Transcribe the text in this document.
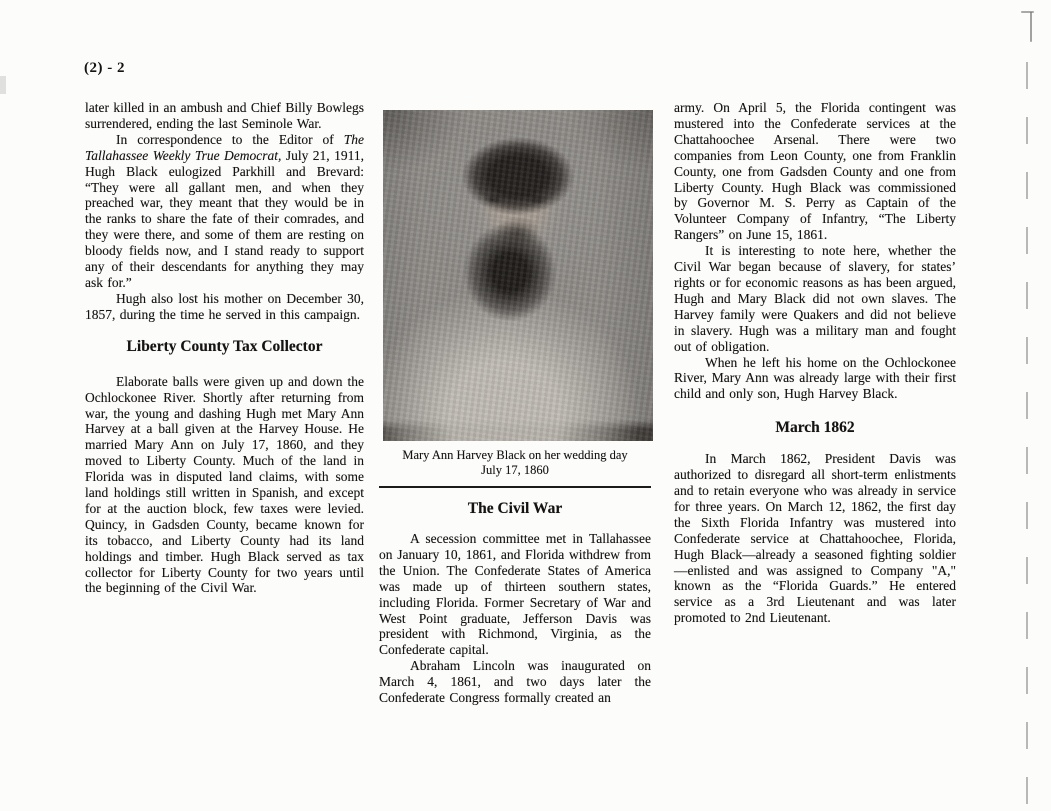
(2) - 2

later killed in an ambush and Chief Billy Bowlegs surrendered, ending the last Seminole War.

In correspondence to the Editor of The Tallahassee Weekly True Democrat, July 21, 1911, Hugh Black eulogized Parkhill and Brevard: “They were all gallant men, and when they preached war, they meant that they would be in the ranks to share the fate of their comrades, and they were there, and some of them are resting on bloody fields now, and I stand ready to support any of their descendants for anything they may ask for.”

Hugh also lost his mother on December 30, 1857, during the time he served in this campaign.

Liberty County Tax Collector

Elaborate balls were given up and down the Ochlockonee River. Shortly after returning from war, the young and dashing Hugh met Mary Ann Harvey at a ball given at the Harvey House. He married Mary Ann on July 17, 1860, and they moved to Liberty County. Much of the land in Florida was in disputed land claims, with some land holdings still written in Spanish, and except for at the auction block, few taxes were levied. Quincy, in Gadsden County, became known for its tobacco, and Liberty County had its land holdings and timber. Hugh Black served as tax collector for Liberty County for two years until the beginning of the Civil War.

Mary Ann Harvey Black on her wedding day
July 17, 1860
The Civil War

A secession committee met in Tallahassee on January 10, 1861, and Florida withdrew from the Union. The Confederate States of America was made up of thirteen southern states, including Florida. Former Secretary of War and West Point graduate, Jefferson Davis was president with Richmond, Virginia, as the Confederate capital.

Abraham Lincoln was inaugurated on March 4, 1861, and two days later the Confederate Congress formally created an

army. On April 5, the Florida contingent was mustered into the Confederate services at the Chattahoochee Arsenal. There were two companies from Leon County, one from Franklin County, one from Gadsden County and one from Liberty County. Hugh Black was commissioned by Governor M. S. Perry as Captain of the Volunteer Company of Infantry, “The Liberty Rangers” on June 15, 1861.

It is interesting to note here, whether the Civil War began because of slavery, for states’ rights or for economic reasons as has been argued, Hugh and Mary Black did not own slaves. The Harvey family were Quakers and did not believe in slavery. Hugh was a military man and fought out of obligation.

When he left his home on the Ochlockonee River, Mary Ann was already large with their first child and only son, Hugh Harvey Black.

March 1862

In March 1862, President Davis was authorized to disregard all short-term enlistments and to retain everyone who was already in service for three years. On March 12, 1862, the first day the Sixth Florida Infantry was mustered into Confederate service at Chattahoochee, Florida, Hugh Black—already a seasoned fighting soldier—enlisted and was assigned to Company "A," known as the “Florida Guards.” He entered service as a 3rd Lieutenant and was later promoted to 2nd Lieutenant.
